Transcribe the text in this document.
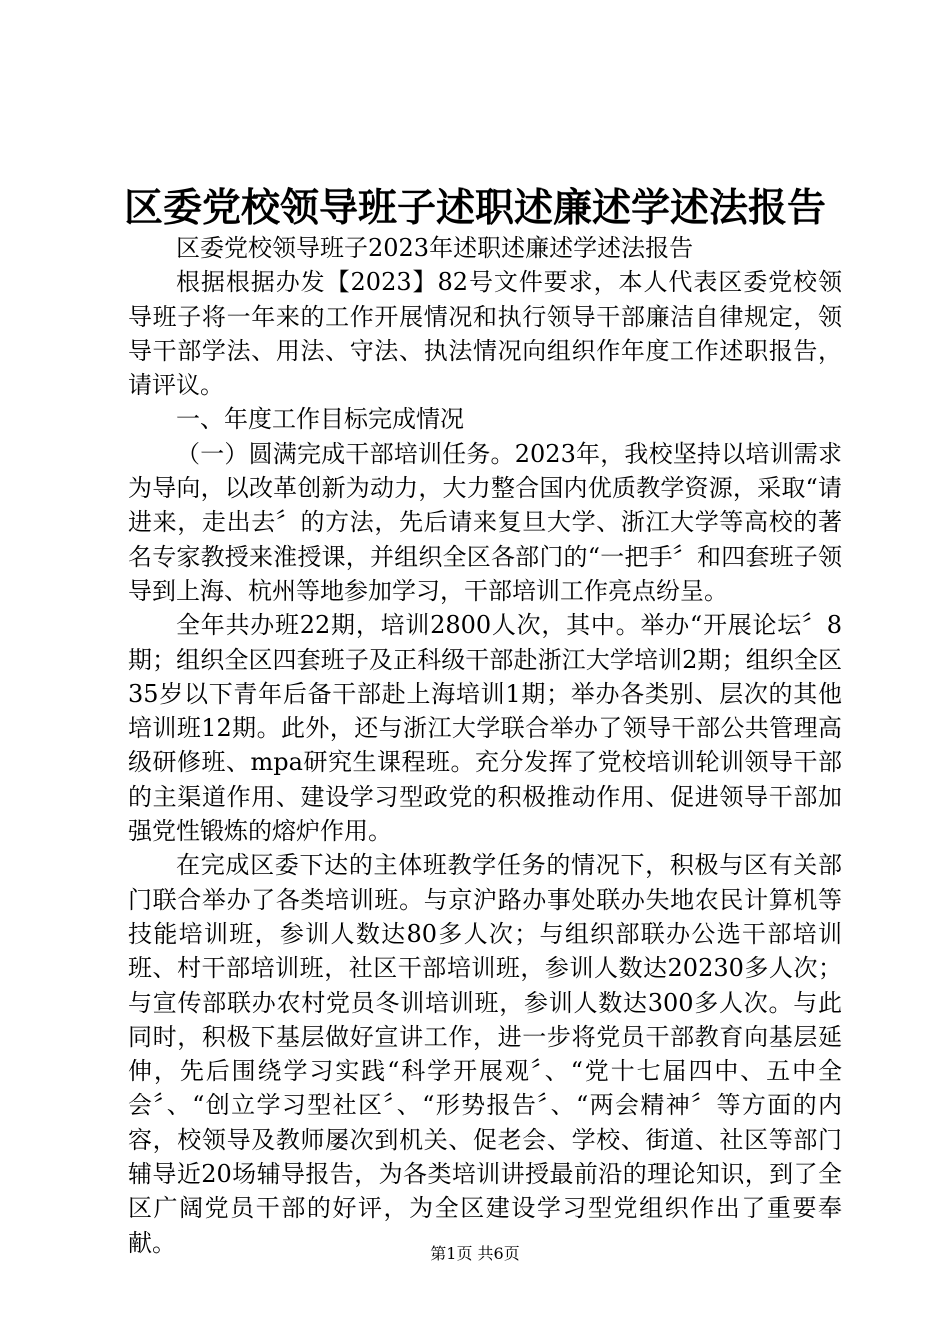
区委党校领导班子述职述廉述学述法报告

区委党校领导班子2023年述职述廉述学述法报告

根据根据办发【2023】82号文件要求，本人代表区委党校领导班子将一年来的工作开展情况和执行领导干部廉洁自律规定，领导干部学法、用法、守法、执法情况向组织作年度工作述职报告，请评议。

一、年度工作目标完成情况

（一）圆满完成干部培训任务。2023年，我校坚持以培训需求为导向，以改革创新为动力，大力整合国内优质教学资源，采取“请进来，走出去〞的方法，先后请来复旦大学、浙江大学等高校的著名专家教授来淮授课，并组织全区各部门的“一把手〞和四套班子领导到上海、杭州等地参加学习，干部培训工作亮点纷呈。

全年共办班22期，培训2800人次，其中。举办“开展论坛〞8期；组织全区四套班子及正科级干部赴浙江大学培训2期；组织全区35岁以下青年后备干部赴上海培训1期；举办各类别、层次的其他培训班12期。此外，还与浙江大学联合举办了领导干部公共管理高级研修班、mpa研究生课程班。充分发挥了党校培训轮训领导干部的主渠道作用、建设学习型政党的积极推动作用、促进领导干部加强党性锻炼的熔炉作用。

在完成区委下达的主体班教学任务的情况下，积极与区有关部门联合举办了各类培训班。与京沪路办事处联办失地农民计算机等技能培训班，参训人数达80多人次；与组织部联办公选干部培训班、村干部培训班，社区干部培训班，参训人数达20230多人次；与宣传部联办农村党员冬训培训班，参训人数达300多人次。与此同时，积极下基层做好宣讲工作，进一步将党员干部教育向基层延伸，先后围绕学习实践“科学开展观〞、“党十七届四中、五中全会〞、“创立学习型社区〞、“形势报告〞、“两会精神〞等方面的内容，校领导及教师屡次到机关、促老会、学校、街道、社区等部门辅导近20场辅导报告，为各类培训讲授最前沿的理论知识，到了全区广阔党员干部的好评，为全区建设学习型党组织作出了重要奉献。	第1页 共6页
